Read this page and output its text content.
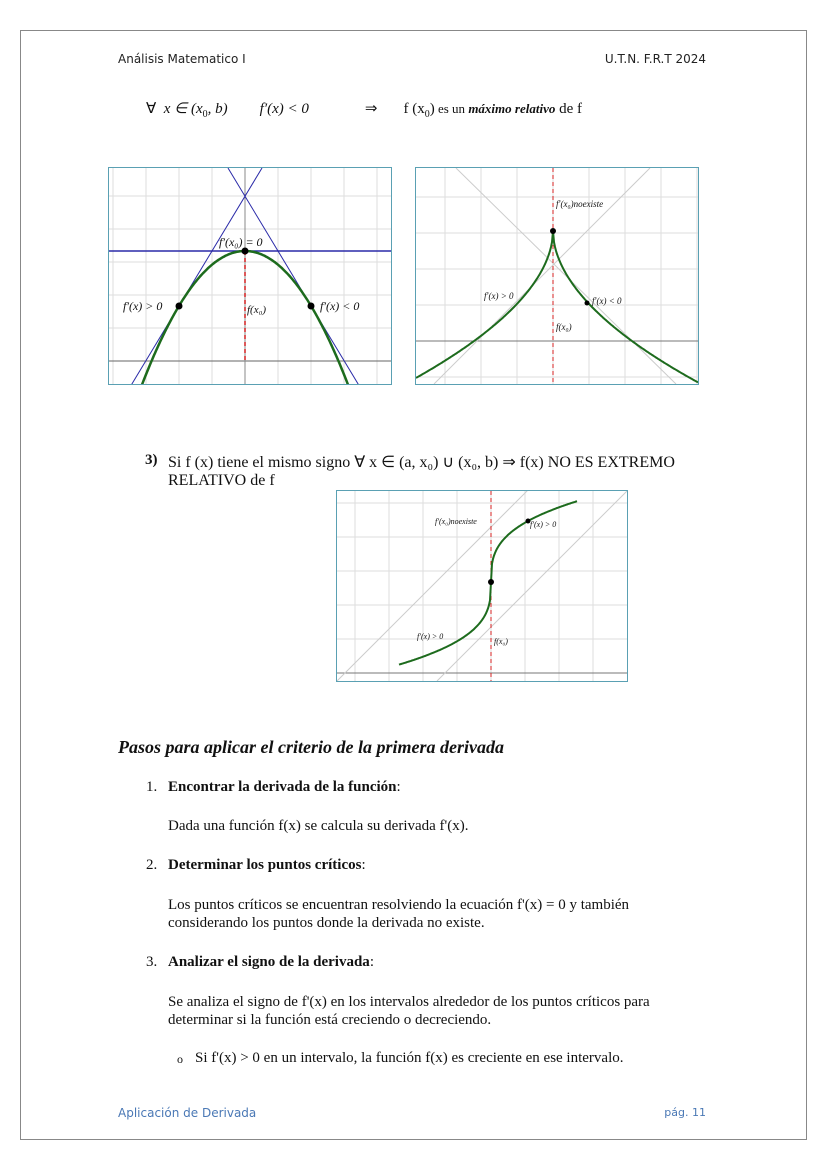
Análisis Matematico I	U.T.N. F.R.T 2024
∀ x ∈ ($x_0$, b) f′(x) < 0	⇒ f $(x_0)$ es un máximo relativo de f
f′(x₀) = 0
f′(x) > 0	f(x₀)	f′(x) < 0
f′(x₀)noexiste
f′(x) > 0
f(x₀)
f′(x) < 0
3) Si f (x) tiene el mismo signo ∀ x ∈ (a, x₀) ∪ (x₀, b) ⇒ f(x) NO ES EXTREMO
RELATIVO de f
f′(x₀)noexiste	f′(x) > 0
f′(x) > 0
f(x₀)
Pasos para aplicar el criterio de la primera derivada
1. Encontrar la derivada de la función:
Dada una función f(x) se calcula su derivada f'(x).
2. Determinar los puntos críticos:
Los puntos críticos se encuentran resolviendo la ecuación f'(x) = 0 y también
considerando los puntos donde la derivada no existe.
3. Analizar el signo de la derivada:
Se analiza el signo de f'(x) en los intervalos alrededor de los puntos críticos para
determinar si la función está creciendo o decreciendo.
o Si f'(x) > 0 en un intervalo, la función f(x) es creciente en ese intervalo.
Aplicación de Derivada	pág. 11
